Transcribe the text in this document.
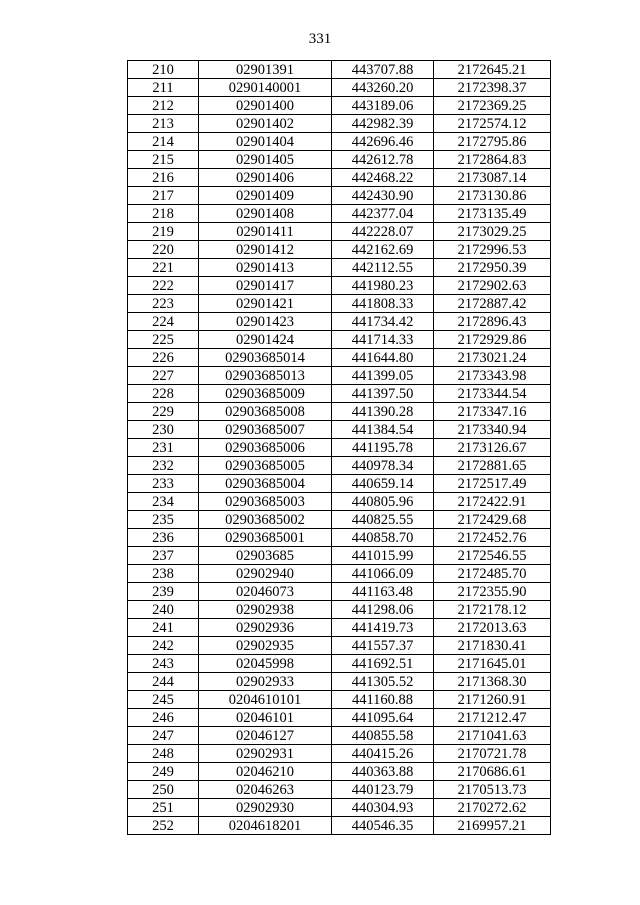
331
210	02901391	443707.88	2172645.21
211	0290140001	443260.20	2172398.37
212	02901400	443189.06	2172369.25
213	02901402	442982.39	2172574.12
214	02901404	442696.46	2172795.86
215	02901405	442612.78	2172864.83
216	02901406	442468.22	2173087.14
217	02901409	442430.90	2173130.86
218	02901408	442377.04	2173135.49
219	02901411	442228.07	2173029.25
220	02901412	442162.69	2172996.53
221	02901413	442112.55	2172950.39
222	02901417	441980.23	2172902.63
223	02901421	441808.33	2172887.42
224	02901423	441734.42	2172896.43
225	02901424	441714.33	2172929.86
226	02903685014	441644.80	2173021.24
227	02903685013	441399.05	2173343.98
228	02903685009	441397.50	2173344.54
229	02903685008	441390.28	2173347.16
230	02903685007	441384.54	2173340.94
231	02903685006	441195.78	2173126.67
232	02903685005	440978.34	2172881.65
233	02903685004	440659.14	2172517.49
234	02903685003	440805.96	2172422.91
235	02903685002	440825.55	2172429.68
236	02903685001	440858.70	2172452.76
237	02903685	441015.99	2172546.55
238	02902940	441066.09	2172485.70
239	02046073	441163.48	2172355.90
240	02902938	441298.06	2172178.12
241	02902936	441419.73	2172013.63
242	02902935	441557.37	2171830.41
243	02045998	441692.51	2171645.01
244	02902933	441305.52	2171368.30
245	0204610101	441160.88	2171260.91
246	02046101	441095.64	2171212.47
247	02046127	440855.58	2171041.63
248	02902931	440415.26	2170721.78
249	02046210	440363.88	2170686.61
250	02046263	440123.79	2170513.73
251	02902930	440304.93	2170272.62
252	0204618201	440546.35	2169957.21
